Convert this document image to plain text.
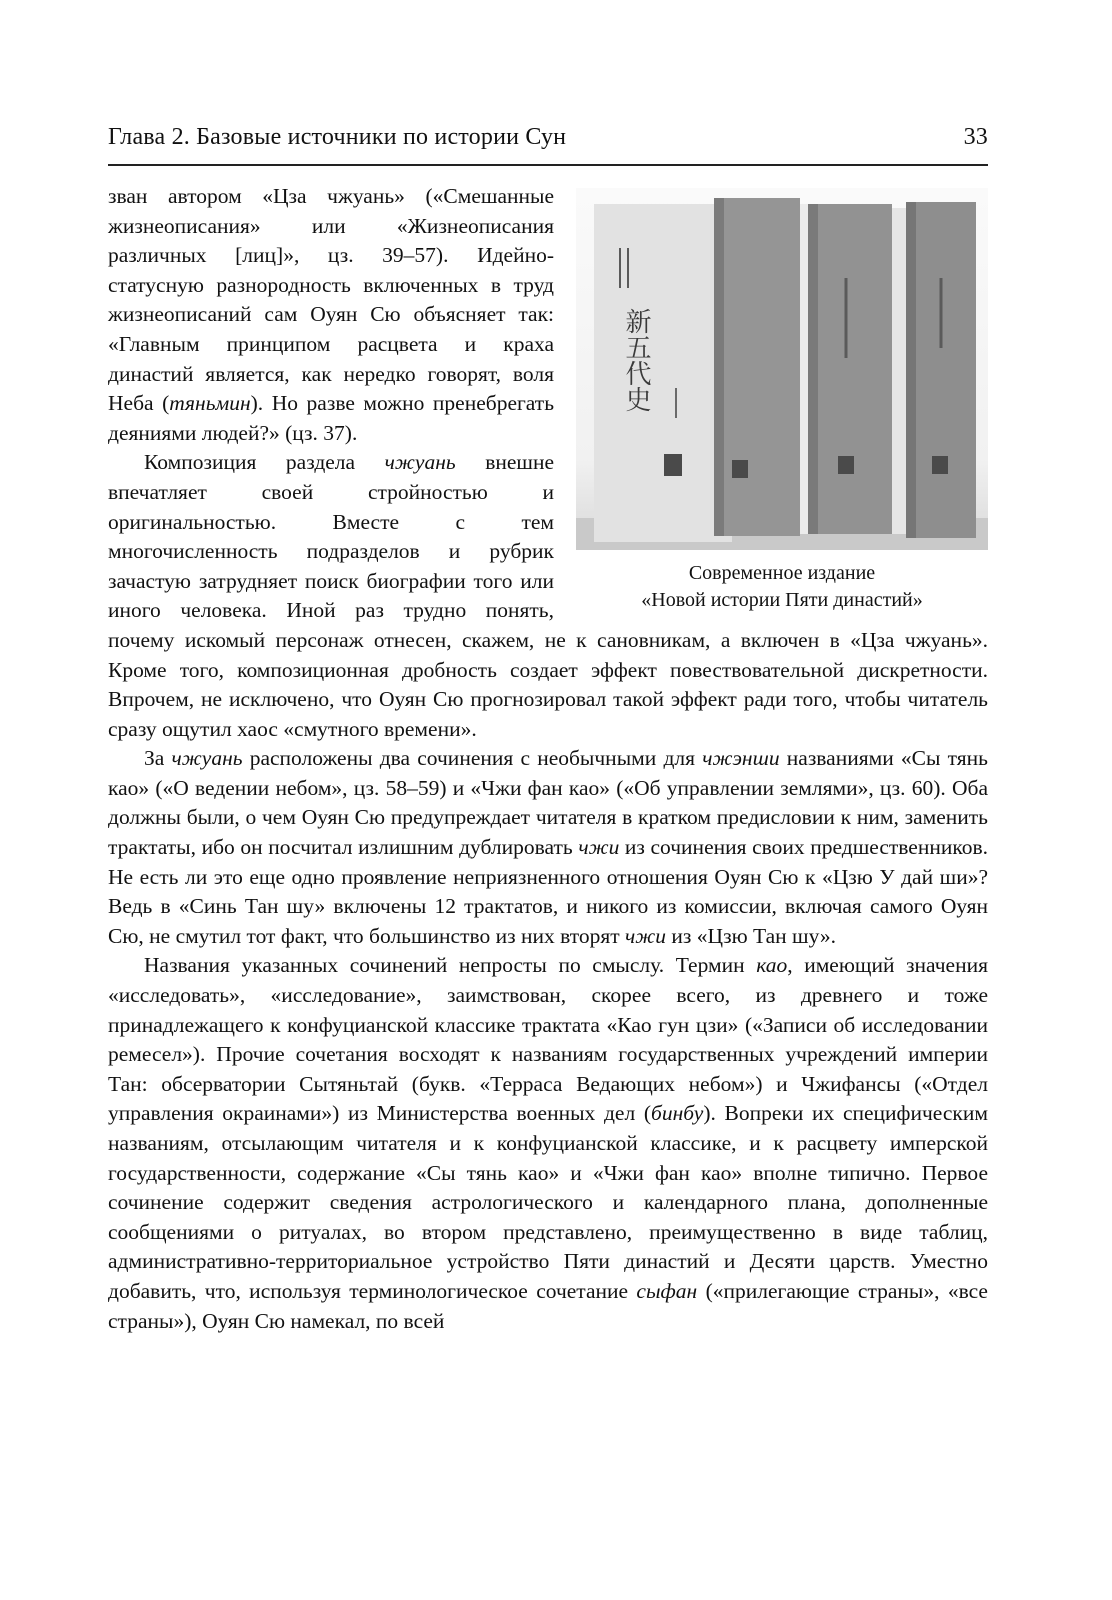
Глава 2. Базовые источники по истории Сун	33
新五代史
Современное издание
«Новой истории Пяти династий»

зван автором «Цза чжуань» («Смешанные жизнеописания» или «Жизнеописания различных [лиц]», цз. 39–57). Идейно-статусную разнородность включенных в труд жизнеописаний сам Оуян Сю объясняет так: «Главным принципом расцвета и краха династий является, как нередко говорят, воля Неба (тяньмин). Но разве можно пренебрегать деяниями людей?» (цз. 37).

Композиция раздела чжуань внешне впечатляет своей стройностью и оригинальностью. Вместе с тем многочисленность подразделов и рубрик зачастую затрудняет поиск биографии того или иного человека. Иной раз трудно понять, почему искомый персонаж отнесен, скажем, не к сановникам, а включен в «Цза чжуань». Кроме того, композиционная дробность создает эффект повествовательной дискретности. Впрочем, не исключено, что Оуян Сю прогнозировал такой эффект ради того, чтобы читатель сразу ощутил хаос «смутного времени».

За чжуань расположены два сочинения с необычными для чжэнши названиями «Сы тянь као» («О ведении небом», цз. 58–59) и «Чжи фан као» («Об управлении землями», цз. 60). Оба должны были, о чем Оуян Сю предупреждает читателя в кратком предисловии к ним, заменить трактаты, ибо он посчитал излишним дублировать чжи из сочинения своих предшественников. Не есть ли это еще одно проявление неприязненного отношения Оуян Сю к «Цзю У дай ши»? Ведь в «Синь Тан шу» включены 12 трактатов, и никого из комиссии, включая самого Оуян Сю, не смутил тот факт, что большинство из них вторят чжи из «Цзю Тан шу».

Названия указанных сочинений непросты по смыслу. Термин као, имеющий значения «исследовать», «исследование», заимствован, скорее всего, из древнего и тоже принадлежащего к конфуцианской классике трактата «Као гун цзи» («Записи об исследовании ремесел»). Прочие сочетания восходят к названиям государственных учреждений империи Тан: обсерватории Сытяньтай (букв. «Терраса Ведающих небом») и Чжифансы («Отдел управления окраинами») из Министерства военных дел (бинбу). Вопреки их специфическим названиям, отсылающим читателя и к конфуцианской классике, и к расцвету имперской государственности, содержание «Сы тянь као» и «Чжи фан као» вполне типично. Первое сочинение содержит сведения астрологического и календарного плана, дополненные сообщениями о ритуалах, во втором представлено, преимущественно в виде таблиц, административно-территориальное устройство Пяти династий и Десяти царств. Уместно добавить, что, используя терминологическое сочетание сыфан («прилегающие страны», «все страны»), Оуян Сю намекал, по всей
